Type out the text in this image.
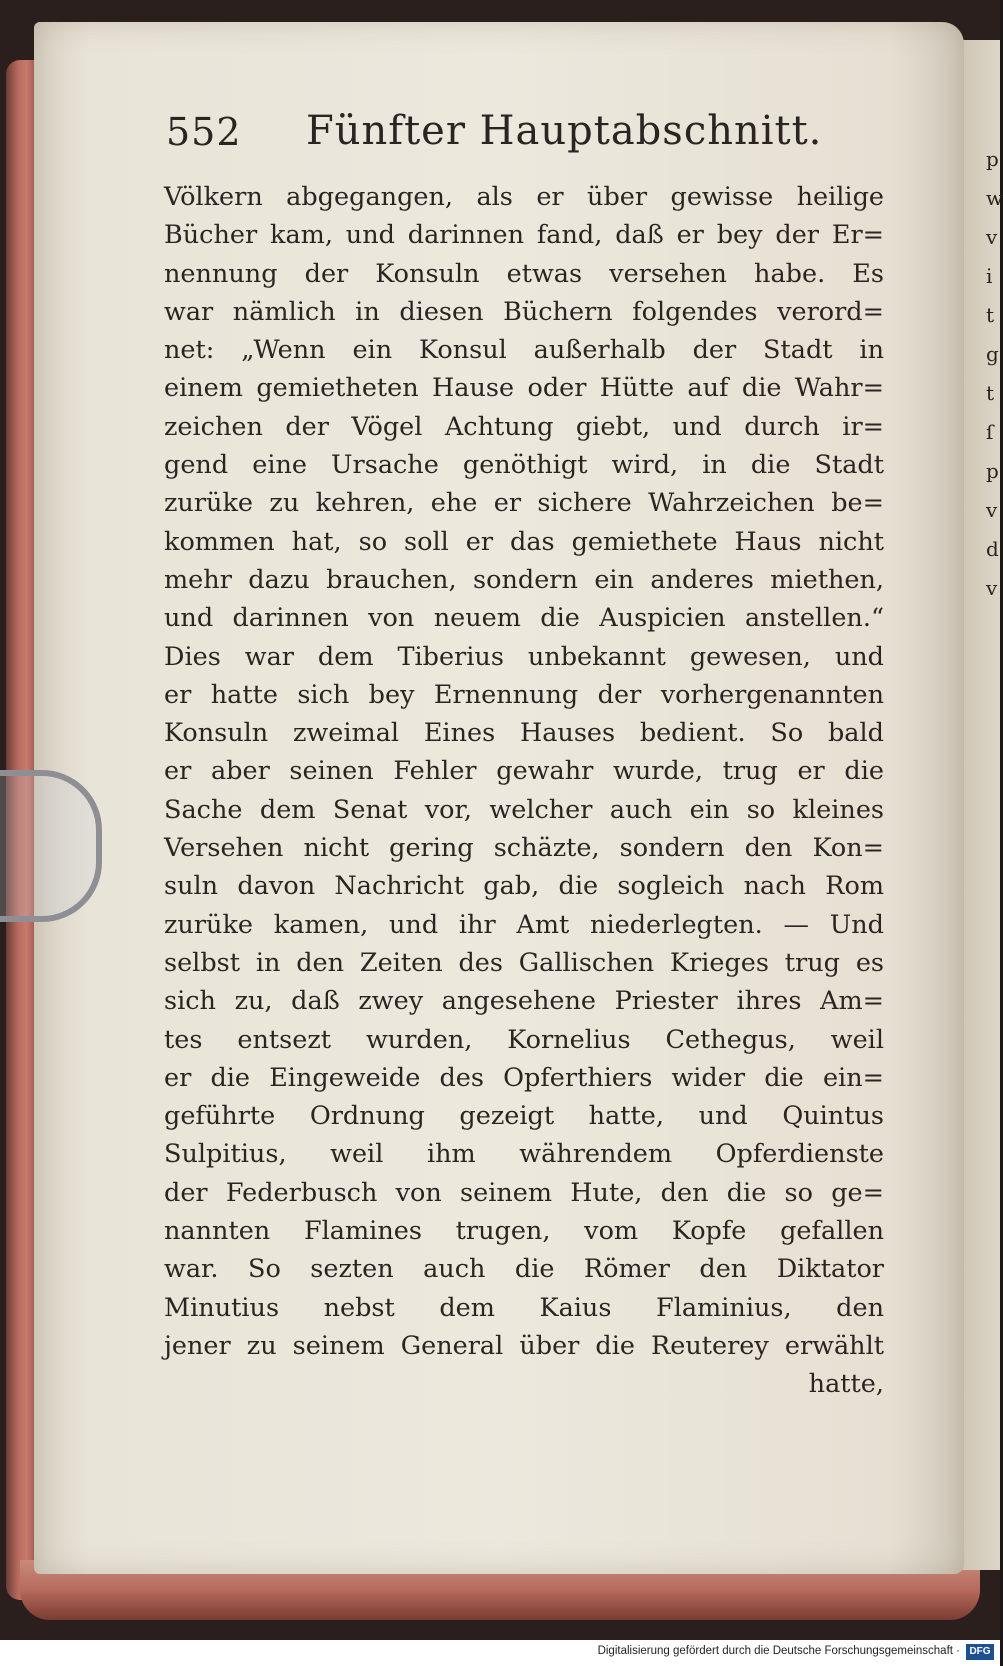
p
w
v
i
t
g
t
ſ
p
v
d
v
552 Fünfter Hauptabschnitt.
Völkern abgegangen, als er über gewisse heilige
Bücher kam, und darinnen fand, daß er bey der Er=
nennung der Konsuln etwas versehen habe. Es
war nämlich in diesen Büchern folgendes verord=
net: „Wenn ein Konsul außerhalb der Stadt in
einem gemietheten Hause oder Hütte auf die Wahr=
zeichen der Vögel Achtung giebt, und durch ir=
gend eine Ursache genöthigt wird, in die Stadt
zurüke zu kehren, ehe er sichere Wahrzeichen be=
kommen hat, so soll er das gemiethete Haus nicht
mehr dazu brauchen, sondern ein anderes miethen,
und darinnen von neuem die Auspicien anstellen.“
Dies war dem Tiberius unbekannt gewesen, und
er hatte sich bey Ernennung der vorhergenannten
Konsuln zweimal Eines Hauses bedient. So bald
er aber seinen Fehler gewahr wurde, trug er die
Sache dem Senat vor, welcher auch ein so kleines
Versehen nicht gering schäzte, sondern den Kon=
suln davon Nachricht gab, die sogleich nach Rom
zurüke kamen, und ihr Amt niederlegten. — Und
selbst in den Zeiten des Gallischen Krieges trug es
sich zu, daß zwey angesehene Priester ihres Am=
tes entsezt wurden, Kornelius Cethegus, weil
er die Eingeweide des Opferthiers wider die ein=
geführte Ordnung gezeigt hatte, und Quintus
Sulpitius, weil ihm währendem Opferdienste
der Federbusch von seinem Hute, den die so ge=
nannten Flamines trugen, vom Kopfe gefallen
war. So sezten auch die Römer den Diktator
Minutius nebst dem Kaius Flaminius, den
jener zu seinem General über die Reuterey erwählt
hatte,
Digitalisierung gefördert durch die Deutsche Forschungsgemeinschaft · DFG
